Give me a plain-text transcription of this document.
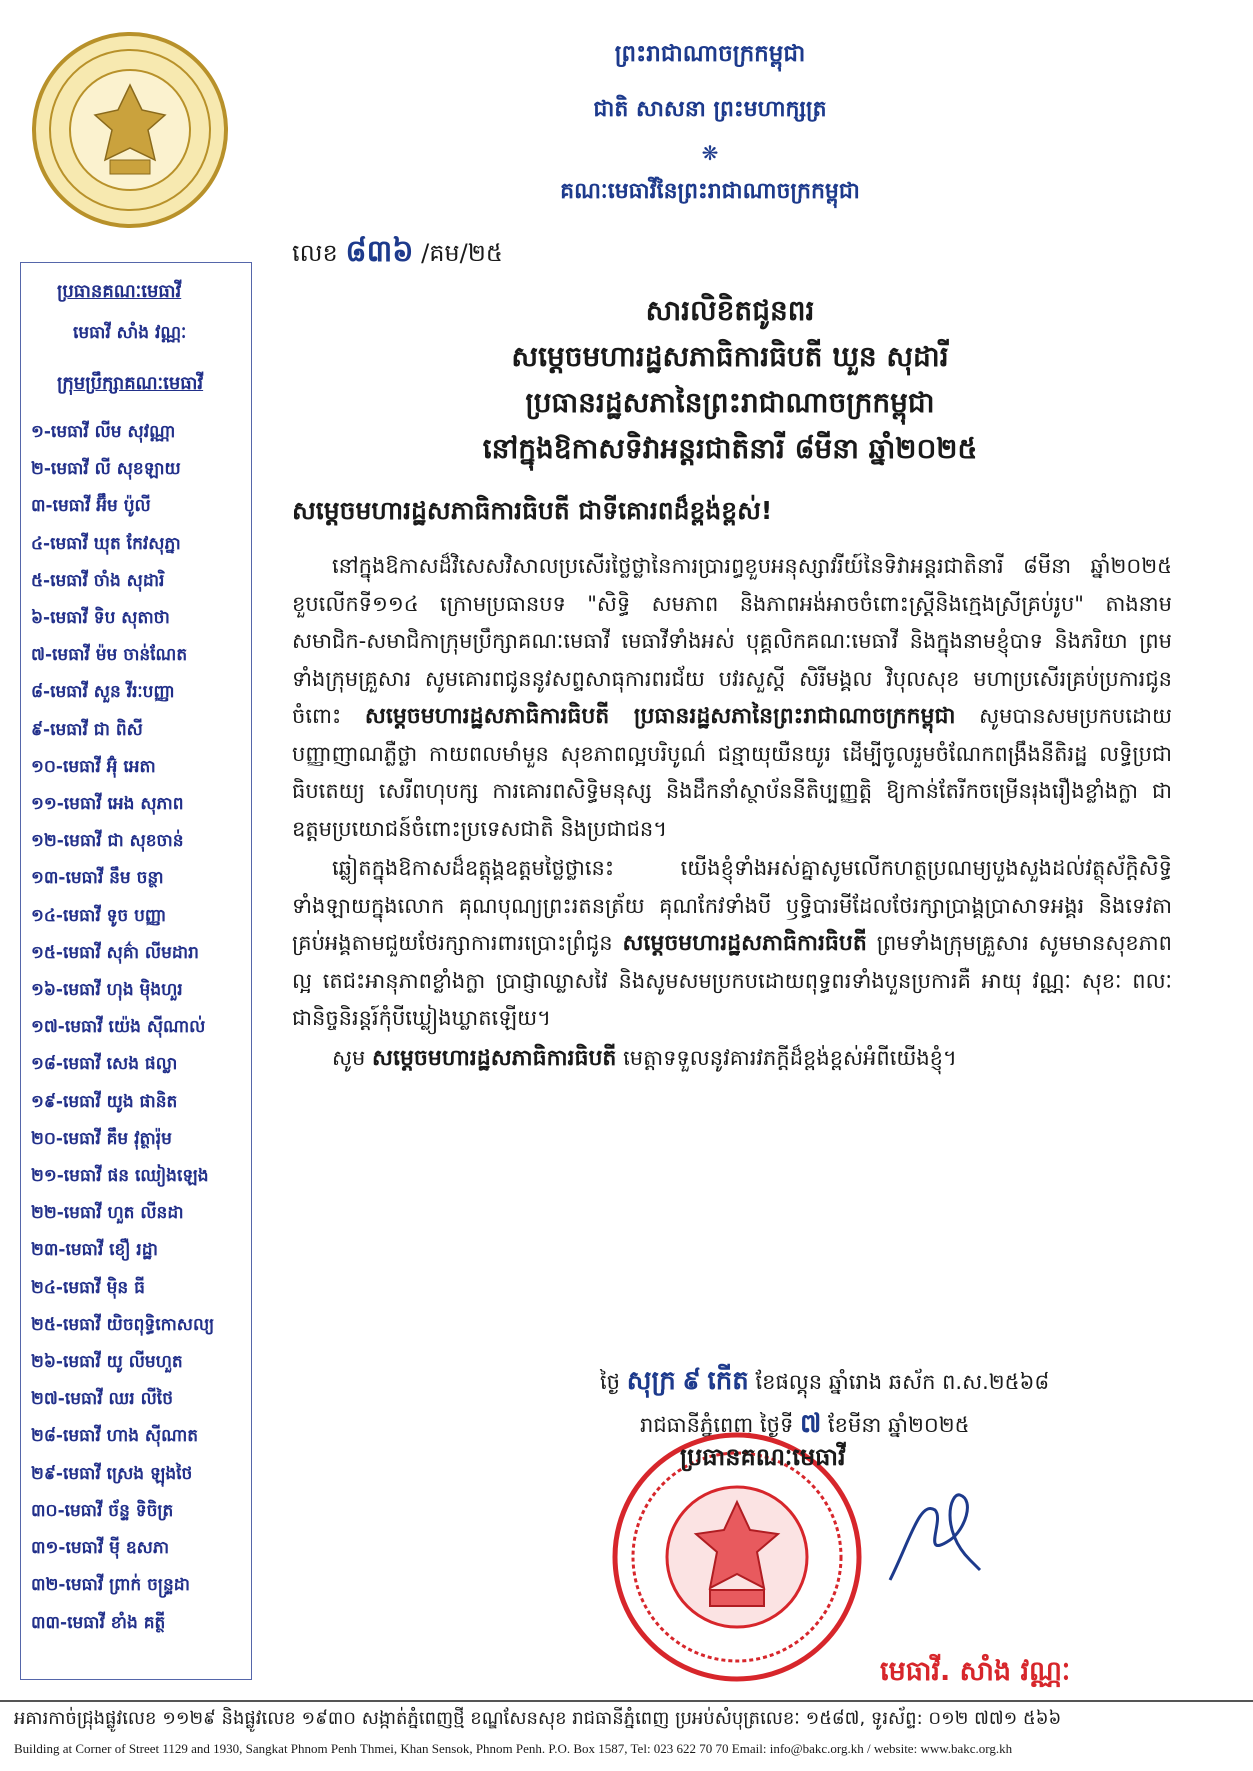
ព្រះរាជាណាចក្រកម្ពុជា
ជាតិ សាសនា ព្រះមហាក្សត្រ
❋
គណៈមេធាវីនៃព្រះរាជាណាចក្រកម្ពុជា
ប្រធានគណៈមេធាវី
មេធាវី សាំង វណ្ណៈ
ក្រុមប្រឹក្សាគណៈមេធាវី
១-មេធាវី លីម សុវណ្ណា
២-មេធាវី លី សុខឡាយ
៣-មេធាវី អ៊ឹម ប៉ូលី
៤-មេធាវី ឃុត កែវសុភ្នា
៥-មេធាវី ចាំង សុដារិ
៦-មេធាវី ទិប សុតាថា
៧-មេធាវី ម៉ម ចាន់ណែត
៨-មេធាវី សួន វីរៈបញ្ញា
៩-មេធាវី ជា ពិសី
១០-មេធាវី អ៊ុំ អេតា
១១-មេធាវី អេង សុភាព
១២-មេធាវី ជា សុខចាន់
១៣-មេធាវី នឹម ចន្ថា
១៤-មេធាវី ទូច បញ្ញា
១៥-មេធាវី សុគ៌ា លីមដារា
១៦-មេធាវី ហុង ម៉ិងហួរ
១៧-មេធាវី យ៉េង ស៊ីណាល់
១៨-មេធាវី សេង ផល្លា
១៩-មេធាវី យូង ផានិត
២០-មេធាវី គឹម វុត្ថារ៉ុម
២១-មេធាវី ផន ឈៀងឡេង
២២-មេធាវី ហួត លីនដា
២៣-មេធាវី ខឿ រដ្ឋា
២៤-មេធាវី ម៉ិន ធី
២៥-មេធាវី យិចពុទ្ធិកោសល្យ
២៦-មេធាវី យូ លីមហួត
២៧-មេធាវី ឈរ លីថៃ
២៨-មេធាវី ហាង ស៊ីណាត
២៩-មេធាវី ស្រេង ឡុងថៃ
៣០-មេធាវី ច័ន្ទ ទិចិត្រ
៣១-មេធាវី ម៉ី ឧសភា
៣២-មេធាវី ព្រាក់ ចន្ទ្រដា
៣៣-មេធាវី ខាំង គត្ថី
លេខ ៨៣៦ /គម/២៥
សារលិខិតជូនពរ
សម្ដេចមហារដ្ឋសភាធិការធិបតី ឃួន សុដារី
ប្រធានរដ្ឋសភានៃព្រះរាជាណាចក្រកម្ពុជា
នៅក្នុងឱកាសទិវាអន្តរជាតិនារី ៨មីនា ឆ្នាំ២០២៥
សម្ដេចមហារដ្ឋសភាធិការធិបតី ជាទីគោរពដ៏ខ្ពង់ខ្ពស់!

នៅក្នុងឱកាសដ៏វិសេសវិសាលប្រសើរថ្លៃថ្លានៃការប្រារព្ធខួបអនុស្សាវរីយ៍នៃទិវាអន្តរជាតិនារី ៨មីនា ឆ្នាំ២០២៥ ខួបលើកទី១១៤ ក្រោមប្រធានបទ "សិទ្ធិ សមភាព និងភាពអង់អាចចំពោះស្ត្រីនិងក្មេងស្រីគ្រប់រូប" តាងនាមសមាជិក-សមាជិកាក្រុមប្រឹក្សាគណៈមេធាវី មេធាវីទាំងអស់ បុគ្គលិកគណៈមេធាវី និងក្នុងនាមខ្ញុំបាទ និងភរិយា ព្រមទាំងក្រុមគ្រួសារ សូមគោរពជូននូវសព្ទសាធុការពរជ័យ បវរសួស្តី សិរីមង្គល វិបុលសុខ មហាប្រសើរគ្រប់ប្រការជូនចំពោះ សម្ដេចមហារដ្ឋសភាធិការធិបតី ប្រធានរដ្ឋសភានៃព្រះរាជាណាចក្រកម្ពុជា សូមបានសមប្រកបដោយបញ្ញាញាណភ្លឺថ្លា កាយពលមាំមួន សុខភាពល្អបរិបូណ៌ ជន្មាយុយឺនយូរ ដើម្បីចូលរួមចំណែកពង្រឹងនីតិរដ្ឋ លទ្ធិប្រជាធិបតេយ្យ សេរីពហុបក្ស ការគោរពសិទ្ធិមនុស្ស និងដឹកនាំស្ថាប័ននីតិប្បញ្ញត្តិ ឱ្យកាន់តែរីកចម្រើនរុងរឿងខ្លាំងក្លា ជាឧត្តមប្រយោជន៍ចំពោះប្រទេសជាតិ និងប្រជាជន។

ឆ្លៀតក្នុងឱកាសដ៏ឧត្តុង្គឧត្តមថ្លៃថ្លានេះ យើងខ្ញុំទាំងអស់គ្នាសូមលើកហត្ថប្រណម្យបួងសួងដល់វត្ថុស័ក្តិសិទ្ធិទាំងឡាយក្នុងលោក គុណបុណ្យព្រះរតនត្រ័យ គុណកែវទាំងបី ឫទ្ធិបារមីដែលថែរក្សាប្រាង្គប្រាសាទអង្គរ និងទេវតាគ្រប់អង្គតាមជួយថែរក្សាការពារប្រោះព្រំជូន សម្ដេចមហារដ្ឋសភាធិការធិបតី ព្រមទាំងក្រុមគ្រួសារ សូមមានសុខភាពល្អ តេជះអានុភាពខ្លាំងក្លា ប្រាជ្ញាឈ្លាសវៃ និងសូមសមប្រកបដោយពុទ្ធពរទាំងបួនប្រការគឺ អាយុ វណ្ណៈ សុខៈ ពលៈ ជានិច្ចនិរន្តរ៍កុំបីឃ្លៀងឃ្លាតឡើយ។

សូម សម្ដេចមហារដ្ឋសភាធិការធិបតី មេត្តាទទួលនូវគារវភក្តីដ៏ខ្ពង់ខ្ពស់អំពីយើងខ្ញុំ។

ថ្ងៃ សុក្រ ៩ កើត ខែផល្គុន ឆ្នាំរោង ឆស័ក ព.ស.២៥៦៨
រាជធានីភ្នំពេញ ថ្ងៃទី ៧ ខែមីនា ឆ្នាំ២០២៥
ប្រធានគណៈមេធាវី
មេធាវី. សាំង វណ្ណៈ
អគារកាច់ជ្រុងផ្លូវលេខ ១១២៩ និងផ្លូវលេខ ១៩៣០ សង្កាត់ភ្នំពេញថ្មី ខណ្ឌសែនសុខ រាជធានីភ្នំពេញ ប្រអប់សំបុត្រលេខៈ ១៥៨៧, ទូរស័ព្ទ: ០១២ ៧៧១ ៥៦៦
Building at Corner of Street 1129 and 1930, Sangkat Phnom Penh Thmei, Khan Sensok, Phnom Penh. P.O. Box 1587, Tel: 023 622 70 70 Email: info@bakc.org.kh / website: www.bakc.org.kh
